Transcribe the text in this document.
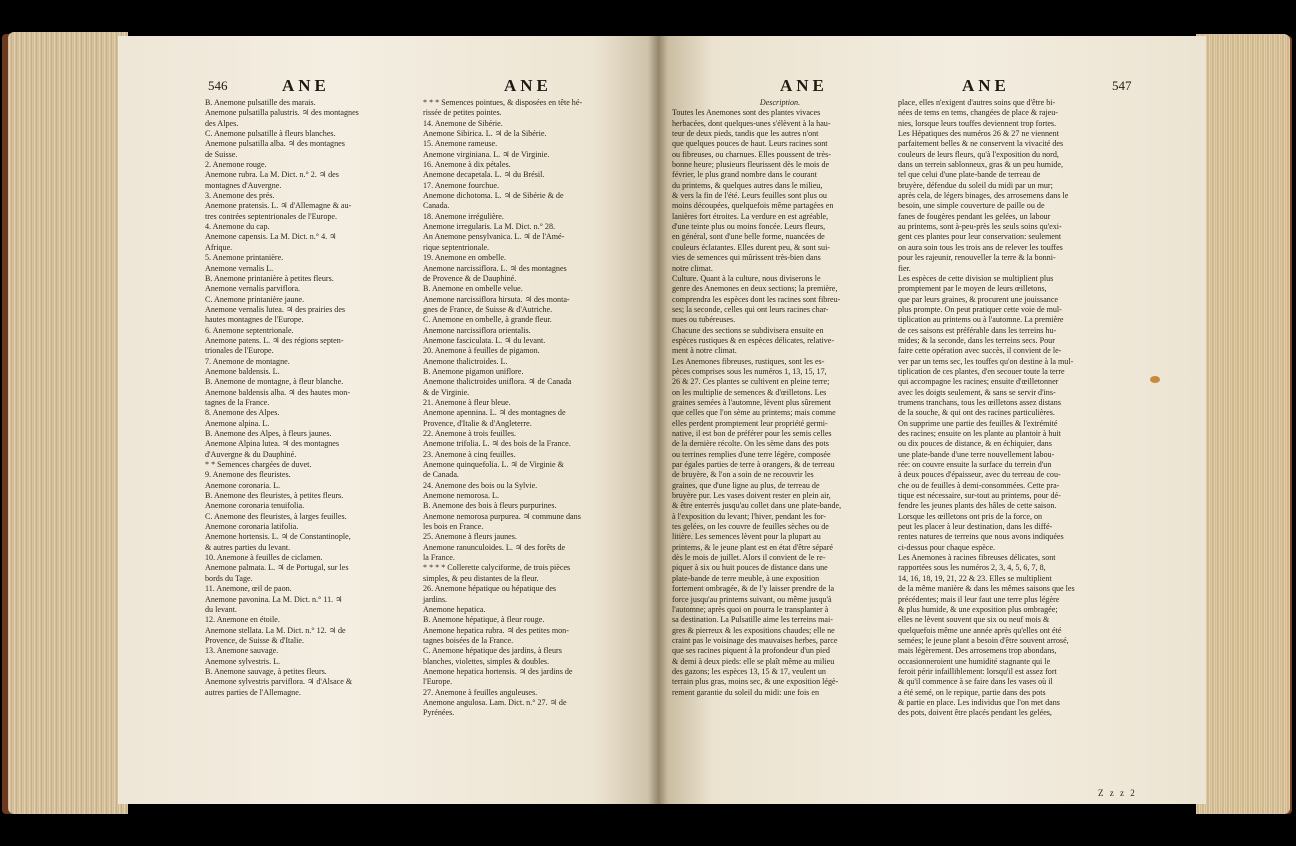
546	ANE	ANE	ANE	ANE	547

B. Anemone pulsatille des marais.

Anemone pulsatilla palustris. ♃ des montagnes

des Alpes.

C. Anemone pulsatille à fleurs blanches.

Anemone pulsatilla alba. ♃ des montagnes

de Suisse.

2. Anemone rouge.

Anemone rubra. La M. Dict. n.° 2. ♃ des

montagnes d'Auvergne.

3. Anemone des prés.

Anemone pratensis. L. ♃ d'Allemagne & au-

tres contrées septentrionales de l'Europe.

4. Anemone du cap.

Anemone capensis. La M. Dict. n.° 4. ♃

Afrique.

5. Anemone printanière.

Anemone vernalis L.

B. Anemone printanière à petites fleurs.

Anemone vernalis parviflora.

C. Anemone printanière jaune.

Anemone vernalis lutea. ♃ des prairies des

hautes montagnes de l'Europe.

6. Anemone septentrionale.

Anemone patens. L. ♃ des régions septen-

trionales de l'Europe.

7. Anemone de montagne.

Anemone baldensis. L.

B. Anemone de montagne, à fleur blanche.

Anemone baldensis alba. ♃ des hautes mon-

tagnes de la France.

8. Anemone des Alpes.

Anemone alpina. L.

B. Anemone des Alpes, à fleurs jaunes.

Anemone Alpina lutea. ♃ des montagnes

d'Auvergne & du Dauphiné.

* * Semences chargées de duvet.

9. Anemone des fleuristes.

Anemone coronaria. L.

B. Anemone des fleuristes, à petites fleurs.

Anemone coronaria tenuifolia.

C. Anemone des fleuristes, à larges feuilles.

Anemone coronaria latifolia.

Anemone hortensis. L. ♃ de Constantinople,

& autres parties du levant.

10. Anemone à feuilles de ciclamen.

Anemone palmata. L. ♃ de Portugal, sur les

bords du Tage.

11. Anemone, œil de paon.

Anemone pavonina. La M. Dict. n.° 11. ♃

du levant.

12. Anemone en étoile.

Anemone stellata. La M. Dict. n.° 12. ♃ de

Provence, de Suisse & d'Italie.

13. Anemone sauvage.

Anemone sylvestris. L.

B. Anemone sauvage, à petites fleurs.

Anemone sylvestris parviflora. ♃ d'Alsace &

autres parties de l'Allemagne.

* * * Semences pointues, & disposées en tête hé-

rissée de petites pointes.

14. Anemone de Sibérie.

Anemone Sibirica. L. ♃ de la Sibérie.

15. Anemone rameuse.

Anemone virginiana. L. ♃ de Virginie.

16. Anemone à dix pétales.

Anemone decapetala. L. ♃ du Brésil.

17. Anemone fourchue.

Anemone dichotoma. L. ♃ de Sibérie & de

Canada.

18. Anemone irrégulière.

Anemone irregularis. La M. Dict. n.° 28.

An Anemone pensylvanica. L. ♃ de l'Amé-

rique septentrionale.

19. Anemone en ombelle.

Anemone narcissiflora. L. ♃ des montagnes

de Provence & de Dauphiné.

B. Anemone en ombelle velue.

Anemone narcissiflora hirsuta. ♃ des monta-

gnes de France, de Suisse & d'Autriche.

C. Anemone en ombelle, à grande fleur.

Anemone narcissiflora orientalis.

Anemone fasciculata. L. ♃ du levant.

20. Anemone à feuilles de pigamon.

Anemone thalictroides. L.

B. Anemone pigamon uniflore.

Anemone thalictroides uniflora. ♃ de Canada

& de Virginie.

21. Anemone à fleur bleue.

Anemone apennina. L. ♃ des montagnes de

Provence, d'Italie & d'Angleterre.

22. Anemone à trois feuilles.

Anemone trifolia. L. ♃ des bois de la France.

23. Anemone à cinq feuilles.

Anemone quinquefolia. L. ♃ de Virginie &

de Canada.

24. Anemone des bois ou la Sylvie.

Anemone nemorosa. L.

B. Anemone des bois à fleurs purpurines.

Anemone nemorosa purpurea. ♃ commune dans

les bois en France.

25. Anemone à fleurs jaunes.

Anemone ranunculoides. L. ♃ des forêts de

la France.

* * * * Collerette calyciforme, de trois pièces

simples, & peu distantes de la fleur.

26. Anemone hépatique ou hépatique des

jardins.

Anemone hepatica.

B. Anemone hépatique, à fleur rouge.

Anemone hepatica rubra. ♃ des petites mon-

tagnes boisées de la France.

C. Anemone hépatique des jardins, à fleurs

blanches, violettes, simples & doubles.

Anemone hepatica hortensis. ♃ des jardins de

l'Europe.

27. Anemone à feuilles anguleuses.

Anemone angulosa. Lam. Dict. n.° 27. ♃ de

Pyrénées.

Description.

Toutes les Anemones sont des plantes vivaces

herbacées, dont quelques-unes s'élèvent à la hau-

teur de deux pieds, tandis que les autres n'ont

que quelques pouces de haut. Leurs racines sont

ou fibreuses, ou charnues. Elles poussent de très-

bonne heure; plusieurs fleurissent dès le mois de

février, le plus grand nombre dans le courant

du printems, & quelques autres dans le milieu,

& vers la fin de l'été. Leurs feuilles sont plus ou

moins découpées, quelquefois même partagées en

lanières fort étroites. La verdure en est agréable,

d'une teinte plus ou moins foncée. Leurs fleurs,

en général, sont d'une belle forme, nuancées de

couleurs éclatantes. Elles durent peu, & sont sui-

vies de semences qui mûrissent très-bien dans

notre climat.

Culture. Quant à la culture, nous diviserons le

genre des Anemones en deux sections; la première,

comprendra les espèces dont les racines sont fibreu-

ses; la seconde, celles qui ont leurs racines char-

nues ou tubéreuses.

Chacune des sections se subdivisera ensuite en

espèces rustiques & en espèces délicates, relative-

ment à notre climat.

Les Anemones fibreuses, rustiques, sont les es-

pèces comprises sous les numéros 1, 13, 15, 17,

26 & 27. Ces plantes se cultivent en pleine terre;

on les multiplie de semences & d'œilletons. Les

graines semées à l'automne, lèvent plus sûrement

que celles que l'on sème au printems; mais comme

elles perdent promptement leur propriété germi-

native, il est bon de préférer pour les semis celles

de la dernière récolte. On les sème dans des pots

ou terrines remplies d'une terre légère, composée

par égales parties de terre à orangers, & de terreau

de bruyère, & l'on a soin de ne recouvrir les

graines, que d'une ligne au plus, de terreau de

bruyère pur. Les vases doivent rester en plein air,

& être enterrés jusqu'au collet dans une plate-bande,

à l'exposition du levant; l'hiver, pendant les for-

tes gelées, on les couvre de feuilles sèches ou de

litière. Les semences lèvent pour la plupart au

printems, & le jeune plant est en état d'être séparé

dès le mois de juillet. Alors il convient de le re-

piquer à six ou huit pouces de distance dans une

plate-bande de terre meuble, à une exposition

fortement ombragée, & de l'y laisser prendre de la

force jusqu'au printems suivant, ou même jusqu'à

l'automne; après quoi on pourra le transplanter à

sa destination. La Pulsatille aime les terreins mai-

gres & pierreux & les expositions chaudes; elle ne

craint pas le voisinage des mauvaises herbes, parce

que ses racines piquent à la profondeur d'un pied

& demi à deux pieds: elle se plaît même au milieu

des gazons; les espèces 13, 15 & 17, veulent un

terrain plus gras, moins sec, & une exposition légè-

rement garantie du soleil du midi: une fois en

place, elles n'exigent d'autres soins que d'être bi-

nées de tems en tems, changées de place & rajeu-

nies, lorsque leurs touffes deviennent trop fortes.

Les Hépatiques des numéros 26 & 27 ne viennent

parfaitement belles & ne conservent la vivacité des

couleurs de leurs fleurs, qu'à l'exposition du nord,

dans un terrein sablonneux, gras & un peu humide,

tel que celui d'une plate-bande de terreau de

bruyère, défendue du soleil du midi par un mur;

après cela, de légers binages, des arrosemens dans le

besoin, une simple couverture de paille ou de

fanes de fougères pendant les gelées, un labour

au printems, sont à-peu-près les seuls soins qu'exi-

gent ces plantes pour leur conservation: seulement

on aura soin tous les trois ans de relever les touffes

pour les rajeunir, renouveller la terre & la bonni-

fier.

Les espèces de cette division se multiplient plus

promptement par le moyen de leurs œilletons,

que par leurs graines, & procurent une jouissance

plus prompte. On peut pratiquer cette voie de mul-

tiplication au printems ou à l'automne. La première

de ces saisons est préférable dans les terreins hu-

mides; & la seconde, dans les terreins secs. Pour

faire cette opération avec succès, il convient de le-

ver par un tems sec, les touffes qu'on destine à la mul-

tiplication de ces plantes, d'en secouer toute la terre

qui accompagne les racines; ensuite d'œilletonner

avec les doigts seulement, & sans se servir d'ins-

trumens tranchans, tous les œilletons assez distans

de la souche, & qui ont des racines particulières.

On supprime une partie des feuilles & l'extrémité

des racines; ensuite on les plante au plantoir à huit

ou dix pouces de distance, & en échiquier, dans

une plate-bande d'une terre nouvellement labou-

rée: on couvre ensuite la surface du terrein d'un

à deux pouces d'épaisseur, avec du terreau de cou-

che ou de feuilles à demi-consommées. Cette pra-

tique est nécessaire, sur-tout au printems, pour dé-

fendre les jeunes plants des hâles de cette saison.

Lorsque les œilletons ont pris de la force, on

peut les placer à leur destination, dans les diffé-

rentes natures de terreins que nous avons indiquées

ci-dessus pour chaque espèce.

Les Anemones à racines fibreuses délicates, sont

rapportées sous les numéros 2, 3, 4, 5, 6, 7, 8,

14, 16, 18, 19, 21, 22 & 23. Elles se multiplient

de la même manière & dans les mêmes saisons que les

précédentes; mais il leur faut une terre plus légère

& plus humide, & une exposition plus ombragée;

elles ne lèvent souvent que six ou neuf mois &

quelquefois même une année après qu'elles ont été

semées; le jeune plant a besoin d'être souvent arrosé,

mais légèrement. Des arrosemens trop abondans,

occasionneroient une humidité stagnante qui le

feroit périr infailliblement: lorsqu'il est assez fort

& qu'il commence à se faire dans les vases où il

a été semé, on le repique, partie dans des pots

& partie en place. Les individus que l'on met dans

des pots, doivent être placés pendant les gelées,

Z z z 2
